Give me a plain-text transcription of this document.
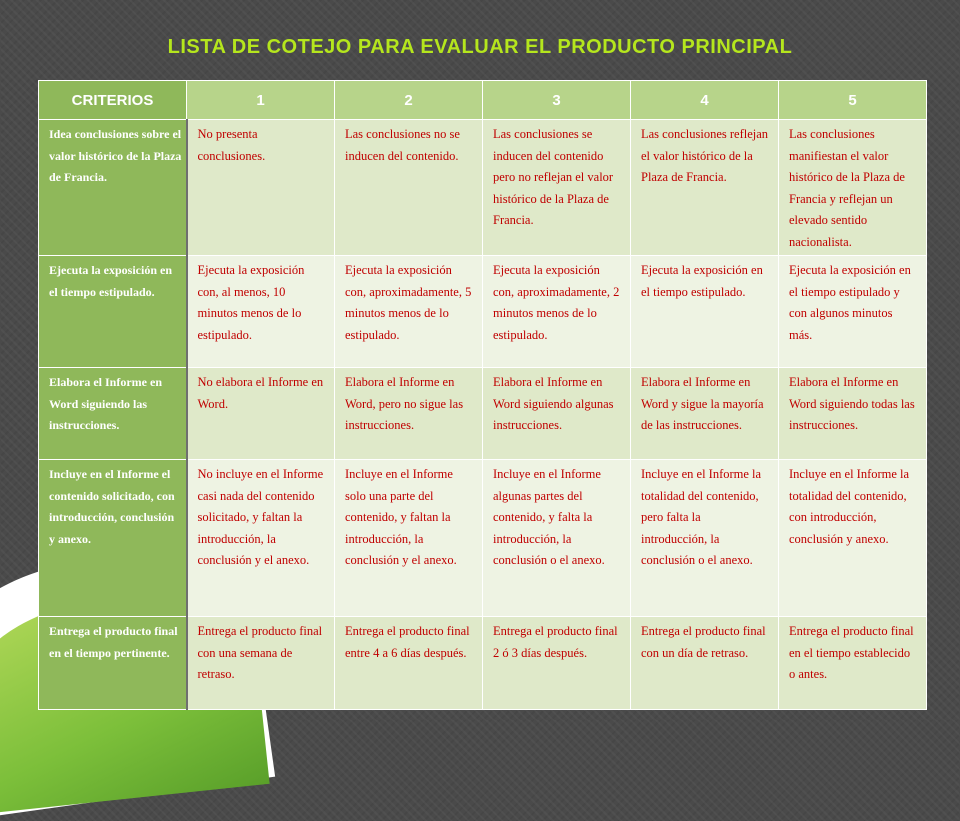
LISTA DE COTEJO PARA EVALUAR EL PRODUCTO PRINCIPAL
CRITERIOS	1	2	3	4	5
Idea conclusiones sobre el valor histórico de la Plaza de Francia.	No presenta conclusiones.	Las conclusiones no se inducen del contenido.	Las conclusiones se inducen del contenido pero no reflejan el valor histórico de la Plaza de Francia.	Las conclusiones reflejan el valor histórico de la Plaza de Francia.	Las conclusiones manifiestan el valor histórico de la Plaza de Francia y reflejan un elevado sentido nacionalista.
Ejecuta la exposición en el tiempo estipulado.	Ejecuta la exposición con, al menos, 10 minutos menos de lo estipulado.	Ejecuta la exposición con, aproximadamente, 5 minutos menos de lo estipulado.	Ejecuta la exposición con, aproximadamente, 2 minutos menos de lo estipulado.	Ejecuta la exposición en el tiempo estipulado.	Ejecuta la exposición en el tiempo estipulado y con algunos minutos más.
Elabora el Informe en Word siguiendo las instrucciones.	No elabora el Informe en Word.	Elabora el Informe en Word, pero no sigue las instrucciones.	Elabora el Informe en Word siguiendo algunas instrucciones.	Elabora el Informe en Word y sigue la mayoría de las instrucciones.	Elabora el Informe en Word siguiendo todas las instrucciones.
Incluye en el Informe el contenido solicitado, con introducción, conclusión y anexo.	No incluye en el Informe casi nada del contenido solicitado, y faltan la introducción, la conclusión y el anexo.	Incluye en el Informe solo una parte del contenido, y faltan la introducción, la conclusión y el anexo.	Incluye en el Informe algunas partes del contenido, y falta la introducción, la conclusión o el anexo.	Incluye en el Informe la totalidad del contenido, pero falta la introducción, la conclusión o el anexo.	Incluye en el Informe la totalidad del contenido, con introducción, conclusión y anexo.
Entrega el producto final en el tiempo pertinente.	Entrega el producto final con una semana de retraso.	Entrega el producto final entre 4 a 6 días después.	Entrega el producto final 2 ó 3 días después.	Entrega el producto final con un día de retraso.	Entrega el producto final en el tiempo establecido o antes.
